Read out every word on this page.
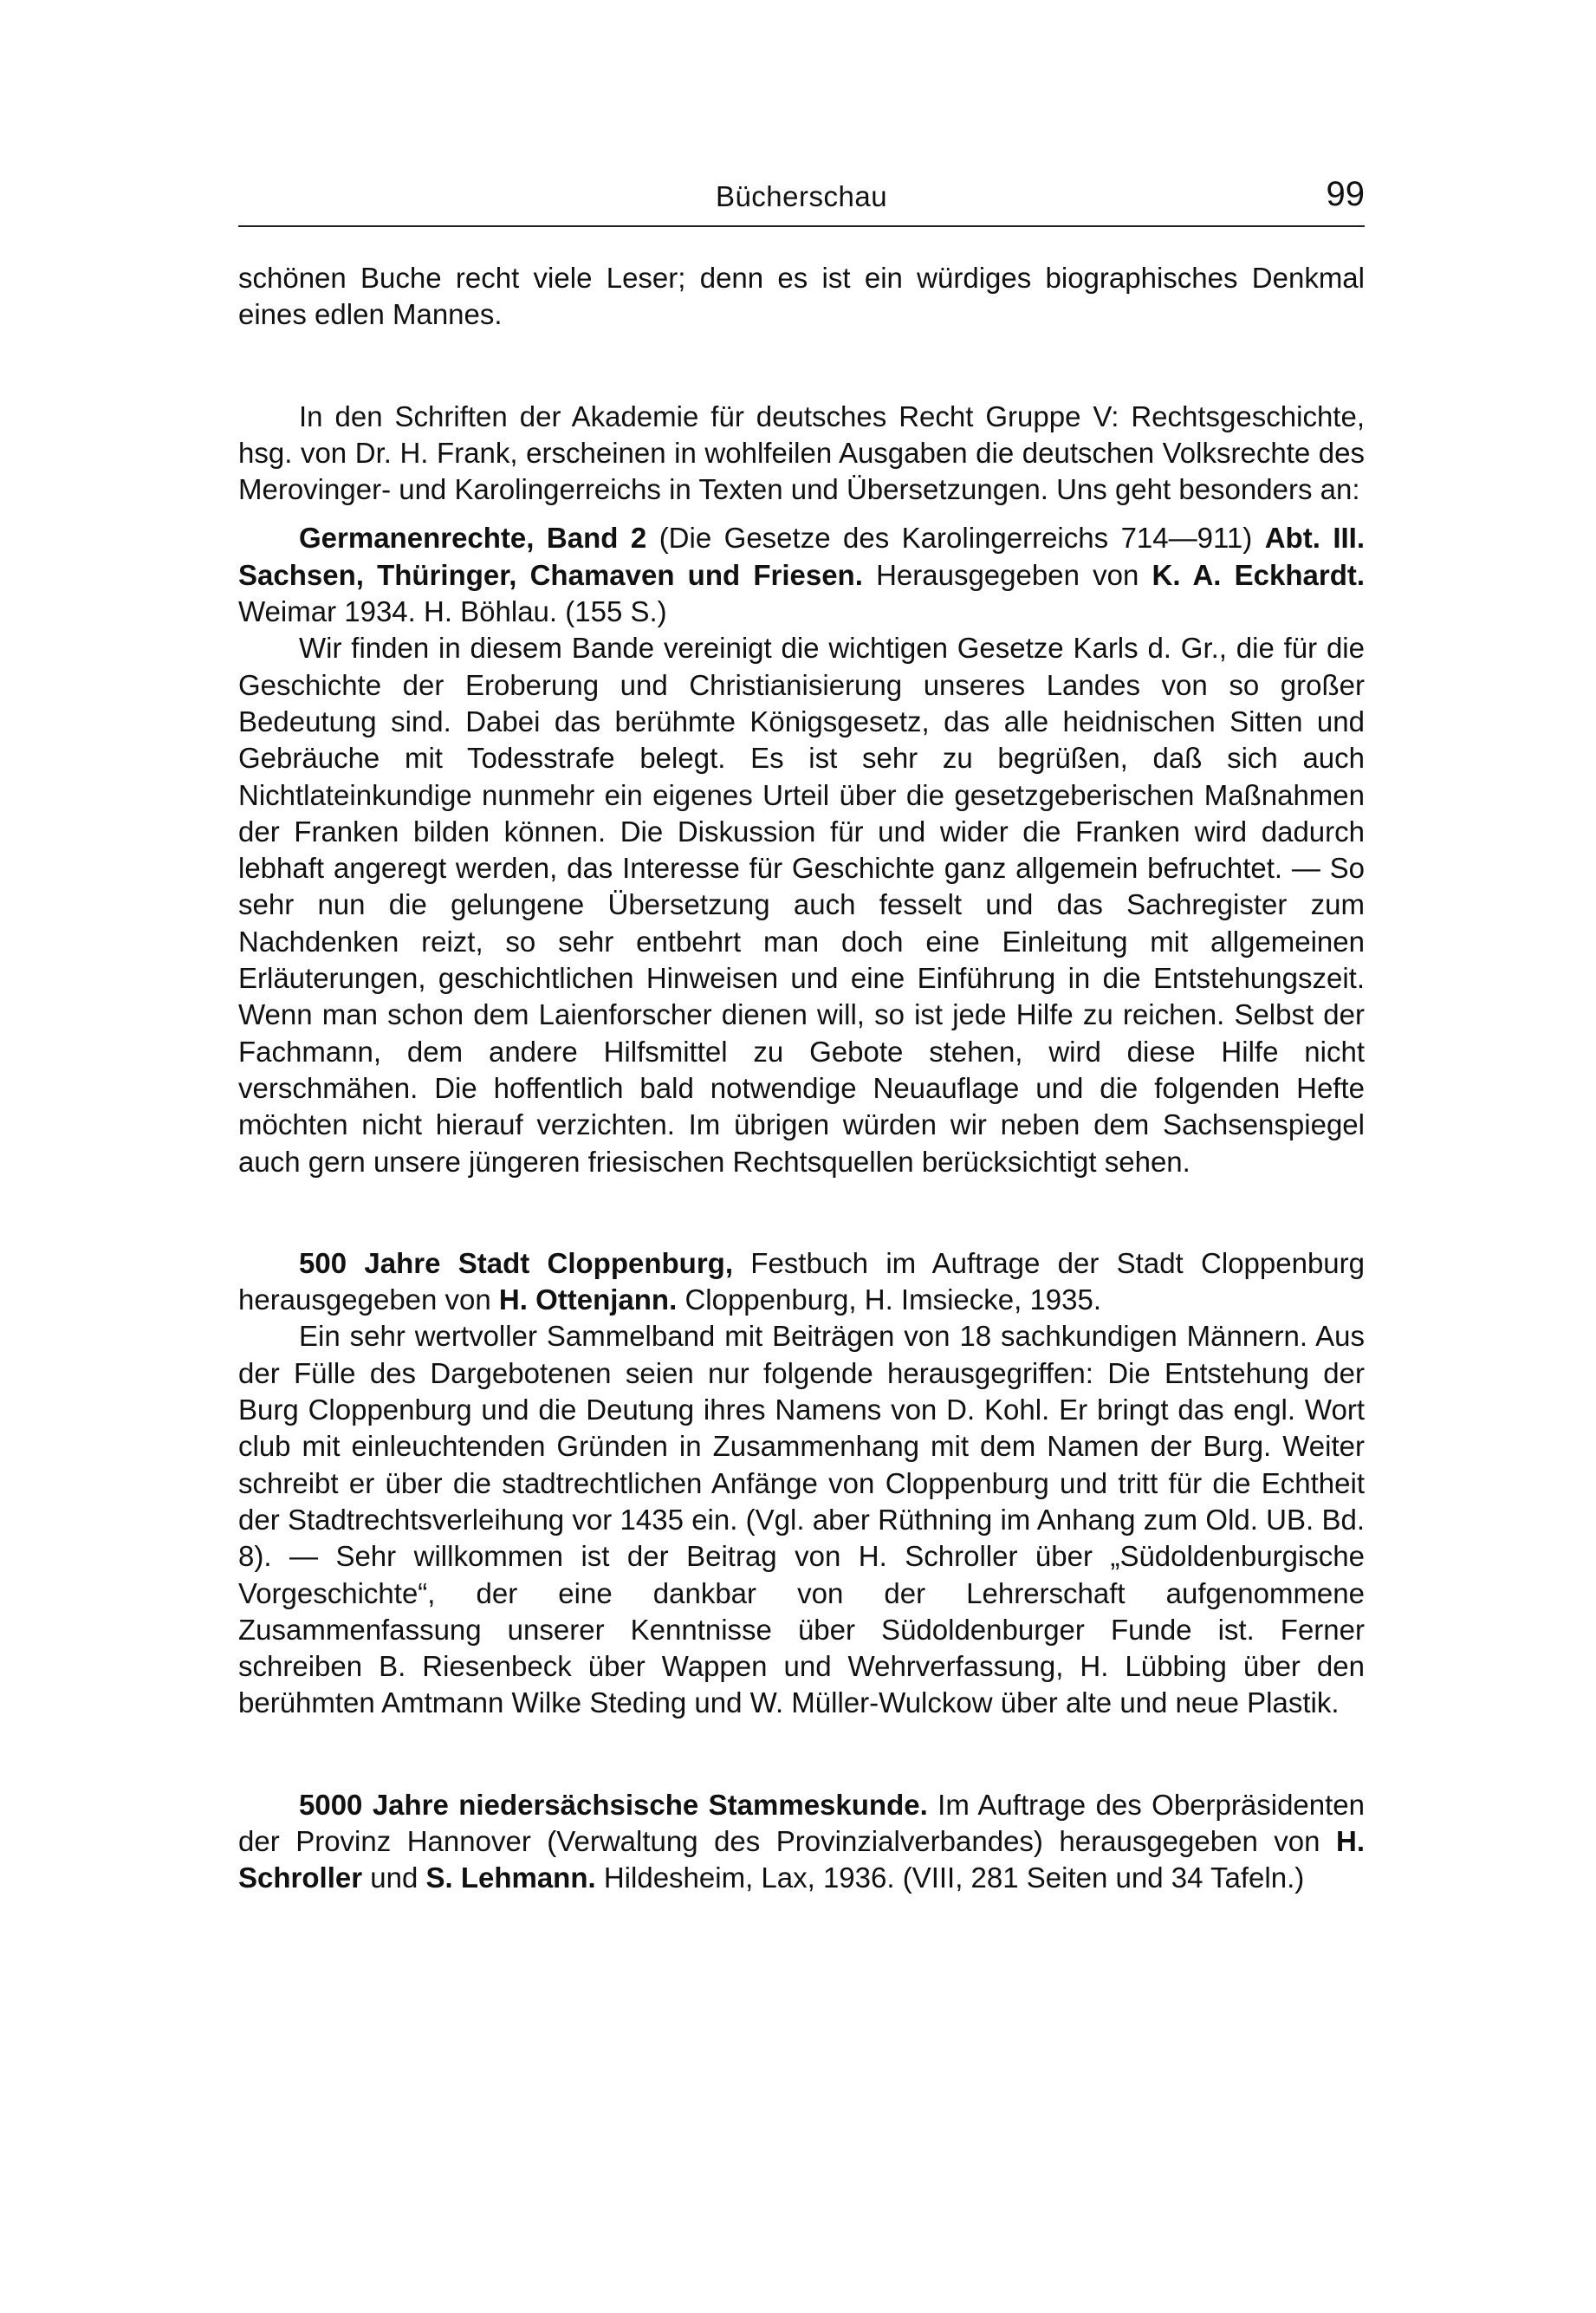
Bücherschau	99

schönen Buche recht viele Leser; denn es ist ein würdiges biographisches Denkmal eines edlen Mannes.

In den Schriften der Akademie für deutsches Recht Gruppe V: Rechtsgeschichte, hsg. von Dr. H. Frank, erscheinen in wohlfeilen Ausgaben die deutschen Volksrechte des Merovinger- und Karolingerreichs in Texten und Übersetzungen. Uns geht besonders an:

Germanenrechte, Band 2 (Die Gesetze des Karolingerreichs 714—911) Abt. III. Sachsen, Thüringer, Chamaven und Friesen. Herausgegeben von K. A. Eckhardt. Weimar 1934. H. Böhlau. (155 S.)

Wir finden in diesem Bande vereinigt die wichtigen Gesetze Karls d. Gr., die für die Geschichte der Eroberung und Christianisierung unseres Landes von so großer Bedeutung sind. Dabei das berühmte Königsgesetz, das alle heidnischen Sitten und Gebräuche mit Todesstrafe belegt. Es ist sehr zu begrüßen, daß sich auch Nichtlateinkundige nunmehr ein eigenes Urteil über die gesetzgeberischen Maßnahmen der Franken bilden können. Die Diskussion für und wider die Franken wird dadurch lebhaft angeregt werden, das Interesse für Geschichte ganz allgemein befruchtet. — So sehr nun die gelungene Übersetzung auch fesselt und das Sachregister zum Nachdenken reizt, so sehr entbehrt man doch eine Einleitung mit allgemeinen Erläuterungen, geschichtlichen Hinweisen und eine Einführung in die Entstehungszeit. Wenn man schon dem Laienforscher dienen will, so ist jede Hilfe zu reichen. Selbst der Fachmann, dem andere Hilfsmittel zu Gebote stehen, wird diese Hilfe nicht verschmähen. Die hoffentlich bald notwendige Neuauflage und die folgenden Hefte möchten nicht hierauf verzichten. Im übrigen würden wir neben dem Sachsenspiegel auch gern unsere jüngeren friesischen Rechtsquellen berücksichtigt sehen.

500 Jahre Stadt Cloppenburg, Festbuch im Auftrage der Stadt Cloppenburg herausgegeben von H. Ottenjann. Cloppenburg, H. Imsiecke, 1935.

Ein sehr wertvoller Sammelband mit Beiträgen von 18 sachkundigen Männern. Aus der Fülle des Dargebotenen seien nur folgende herausgegriffen: Die Entstehung der Burg Cloppenburg und die Deutung ihres Namens von D. Kohl. Er bringt das engl. Wort club mit einleuchtenden Gründen in Zusammenhang mit dem Namen der Burg. Weiter schreibt er über die stadtrechtlichen Anfänge von Cloppenburg und tritt für die Echtheit der Stadtrechtsverleihung vor 1435 ein. (Vgl. aber Rüthning im Anhang zum Old. UB. Bd. 8). — Sehr willkommen ist der Beitrag von H. Schroller über „Südoldenburgische Vorgeschichte“, der eine dankbar von der Lehrerschaft aufgenommene Zusammenfassung unserer Kenntnisse über Südoldenburger Funde ist. Ferner schreiben B. Riesenbeck über Wappen und Wehrverfassung, H. Lübbing über den berühmten Amtmann Wilke Steding und W. Müller-Wulckow über alte und neue Plastik.

5000 Jahre niedersächsische Stammeskunde. Im Auftrage des Oberpräsidenten der Provinz Hannover (Verwaltung des Provinzialverbandes) herausgegeben von H. Schroller und S. Lehmann. Hildesheim, Lax, 1936. (VIII, 281 Seiten und 34 Tafeln.)
